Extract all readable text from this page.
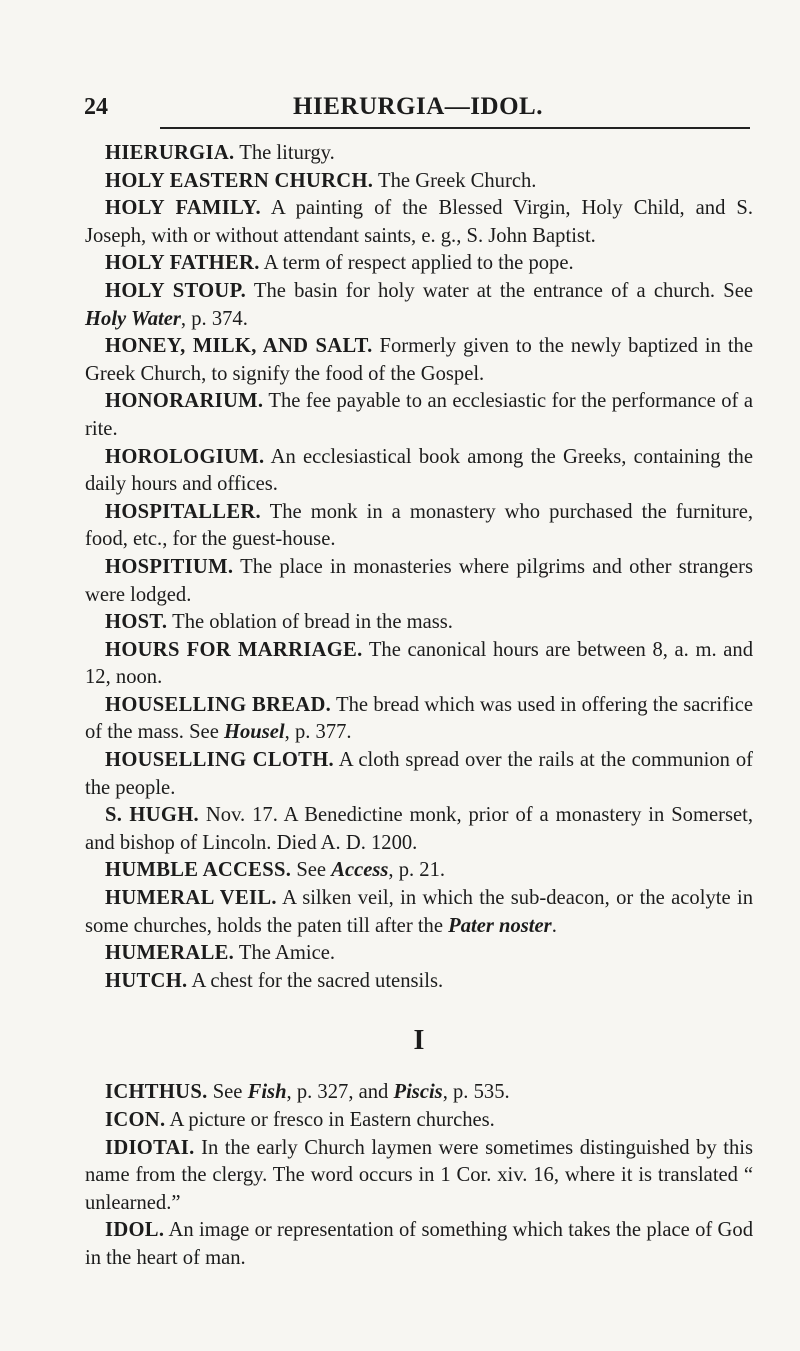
24	HIERURGIA—IDOL.

HIERURGIA. The liturgy.

HOLY EASTERN CHURCH. The Greek Church.

HOLY FAMILY. A painting of the Blessed Virgin, Holy Child, and S. Joseph, with or without attendant saints, e. g., S. John Baptist.

HOLY FATHER. A term of respect applied to the pope.

HOLY STOUP. The basin for holy water at the entrance of a church. See Holy Water, p. 374.

HONEY, MILK, AND SALT. Formerly given to the newly baptized in the Greek Church, to signify the food of the Gospel.

HONORARIUM. The fee payable to an ecclesiastic for the performance of a rite.

HOROLOGIUM. An ecclesiastical book among the Greeks, containing the daily hours and offices.

HOSPITALLER. The monk in a monastery who purchased the furniture, food, etc., for the guest-house.

HOSPITIUM. The place in monasteries where pilgrims and other strangers were lodged.

HOST. The oblation of bread in the mass.

HOURS FOR MARRIAGE. The canonical hours are between 8, a. m. and 12, noon.

HOUSELLING BREAD. The bread which was used in offering the sacrifice of the mass. See Housel, p. 377.

HOUSELLING CLOTH. A cloth spread over the rails at the communion of the people.

S. HUGH. Nov. 17. A Benedictine monk, prior of a monastery in Somerset, and bishop of Lincoln. Died A. D. 1200.

HUMBLE ACCESS. See Access, p. 21.

HUMERAL VEIL. A silken veil, in which the sub-deacon, or the acolyte in some churches, holds the paten till after the Pater noster.

HUMERALE. The Amice.

HUTCH. A chest for the sacred utensils.

I

ICHTHUS. See Fish, p. 327, and Piscis, p. 535.

ICON. A picture or fresco in Eastern churches.

IDIOTAI. In the early Church laymen were sometimes distinguished by this name from the clergy. The word occurs in 1 Cor. xiv. 16, where it is translated “ unlearned.”

IDOL. An image or representation of something which takes the place of God in the heart of man.
